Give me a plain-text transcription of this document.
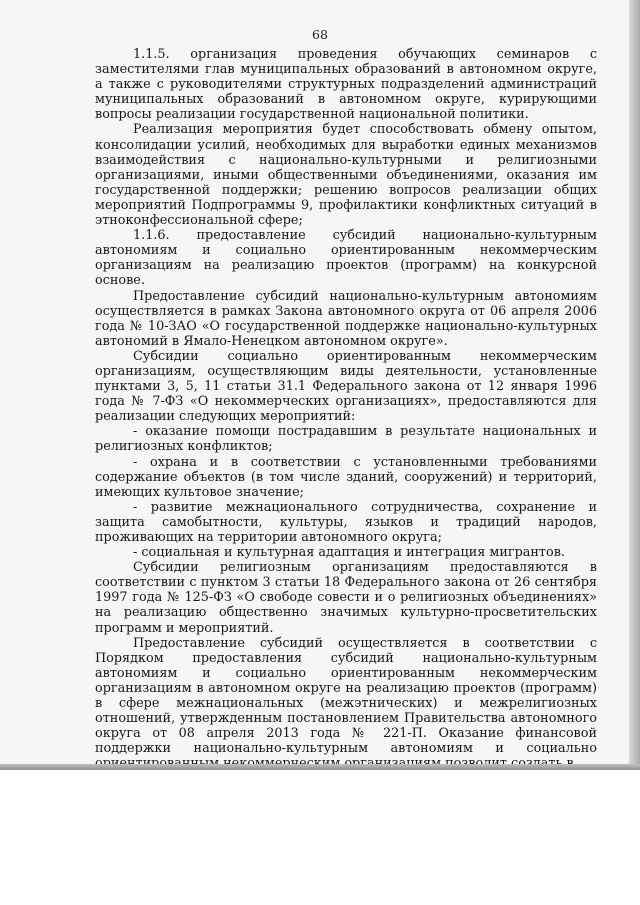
68

1.1.5. организация проведения обучающих семинаров с заместителями глав муниципальных образований в автономном округе, а также с руководителями структурных подразделений администраций муниципальных образований в автономном округе, курирующими вопросы реализации государственной национальной политики.

Реализация мероприятия будет способствовать обмену опытом, консолидации усилий, необходимых для выработки единых механизмов взаимодействия с национально-культурными и религиозными организациями, иными общественными объединениями, оказания им государственной поддержки; решению вопросов реализации общих мероприятий Подпрограммы 9, профилактики конфликтных ситуаций в этноконфессиональной сфере;

1.1.6. предоставление субсидий национально-культурным автономиям и социально ориентированным некоммерческим организациям на реализацию проектов (программ) на конкурсной основе.

Предоставление субсидий национально-культурным автономиям осуществляется в рамках Закона автономного округа от 06 апреля 2006 года № 10-ЗАО «О государственной поддержке национально-культурных автономий в Ямало-Ненецком автономном округе».

Субсидии социально ориентированным некоммерческим организациям, осуществляющим виды деятельности, установленные пунктами 3, 5, 11 статьи 31.1 Федерального закона от 12 января 1996 года № 7-ФЗ «О некоммерческих организациях», предоставляются для реализации следующих мероприятий:

- оказание помощи пострадавшим в результате национальных и религиозных конфликтов;

- охрана и в соответствии с установленными требованиями содержание объектов (в том числе зданий, сооружений) и территорий, имеющих культовое значение;

- развитие межнационального сотрудничества, сохранение и защита самобытности, культуры, языков и традиций народов, проживающих на территории автономного округа;

- социальная и культурная адаптация и интеграция мигрантов.

Субсидии религиозным организациям предоставляются в соответствии с пунктом 3 статьи 18 Федерального закона от 26 сентября 1997 года № 125-ФЗ «О свободе совести и о религиозных объединениях» на реализацию общественно значимых культурно-просветительских программ и мероприятий.

Предоставление субсидий осуществляется в соответствии с Порядком предоставления субсидий национально-культурным автономиям и социально ориентированным некоммерческим организациям в автономном округе на реализацию проектов (программ) в сфере межнациональных (межэтнических) и межрелигиозных отношений, утвержденным постановлением Правительства автономного округа от 08 апреля 2013 года № 221-П. Оказание финансовой поддержки национально-культурным автономиям и социально
